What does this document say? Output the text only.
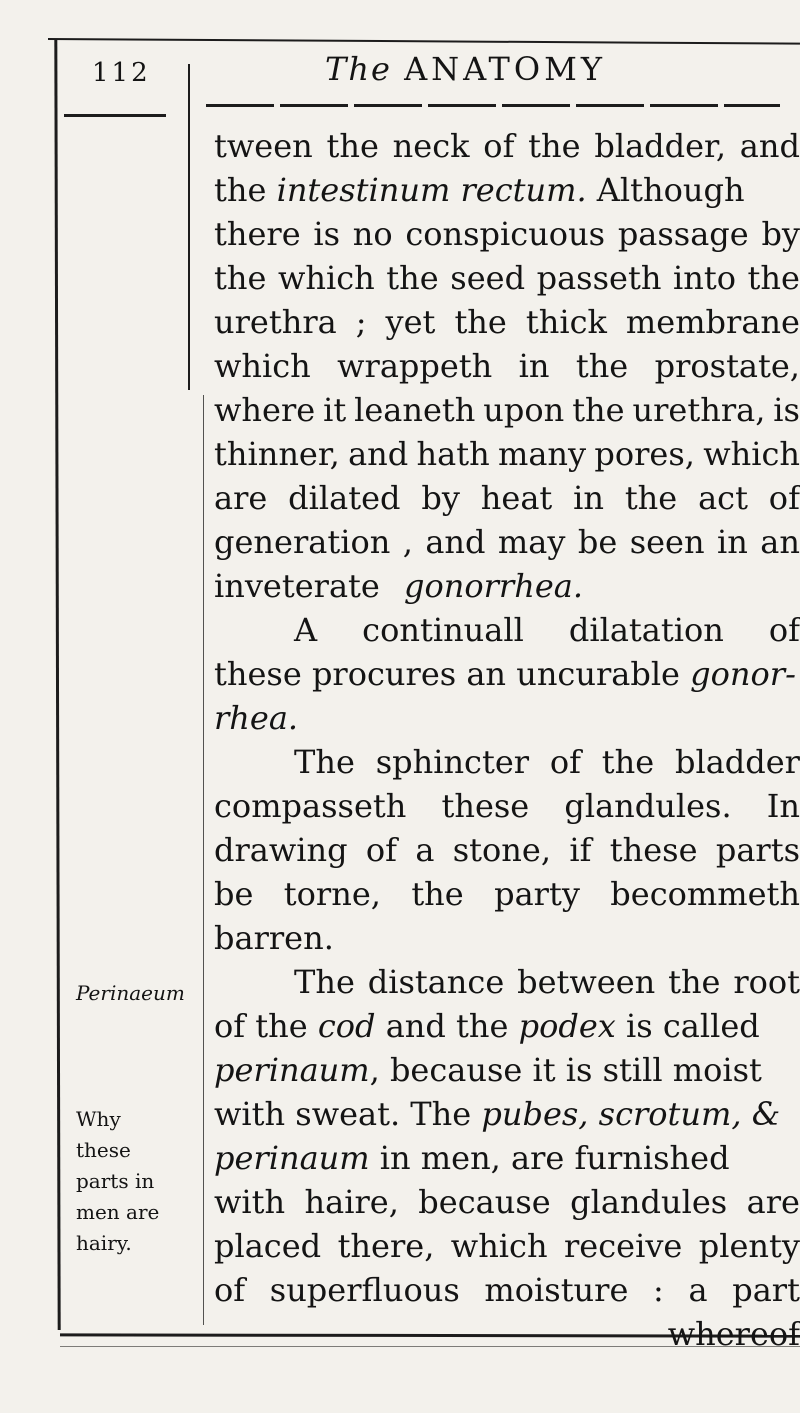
112	The ANATOMY
tween the neck of the bladder, and
the intestinum rectum. Although
there is no conspicuous passage by
the which the seed passeth into the
urethra ; yet the thick membrane
which wrappeth in the prostate,
where it leaneth upon the urethra, is
thinner, and hath many pores, which
are dilated by heat in the act of
generation , and may be seen in an
inveterate gonorrhea.
A continuall dilatation of
these procures an uncurable gonor-
rhea.
The sphincter of the bladder
compasseth these glandules. In
drawing of a stone, if these parts
be torne, the party becommeth
barren.
The distance between the root
of the cod and the podex is called
perinaum , because it is still moist
with sweat. The pubes, scrotum, &
perinaum in men, are furnished
with haire, because glandules are
placed there, which receive plenty
of superfluous moisture : a part
whereof
Perinaeum
Why
these
parts in
men are
hairy.
